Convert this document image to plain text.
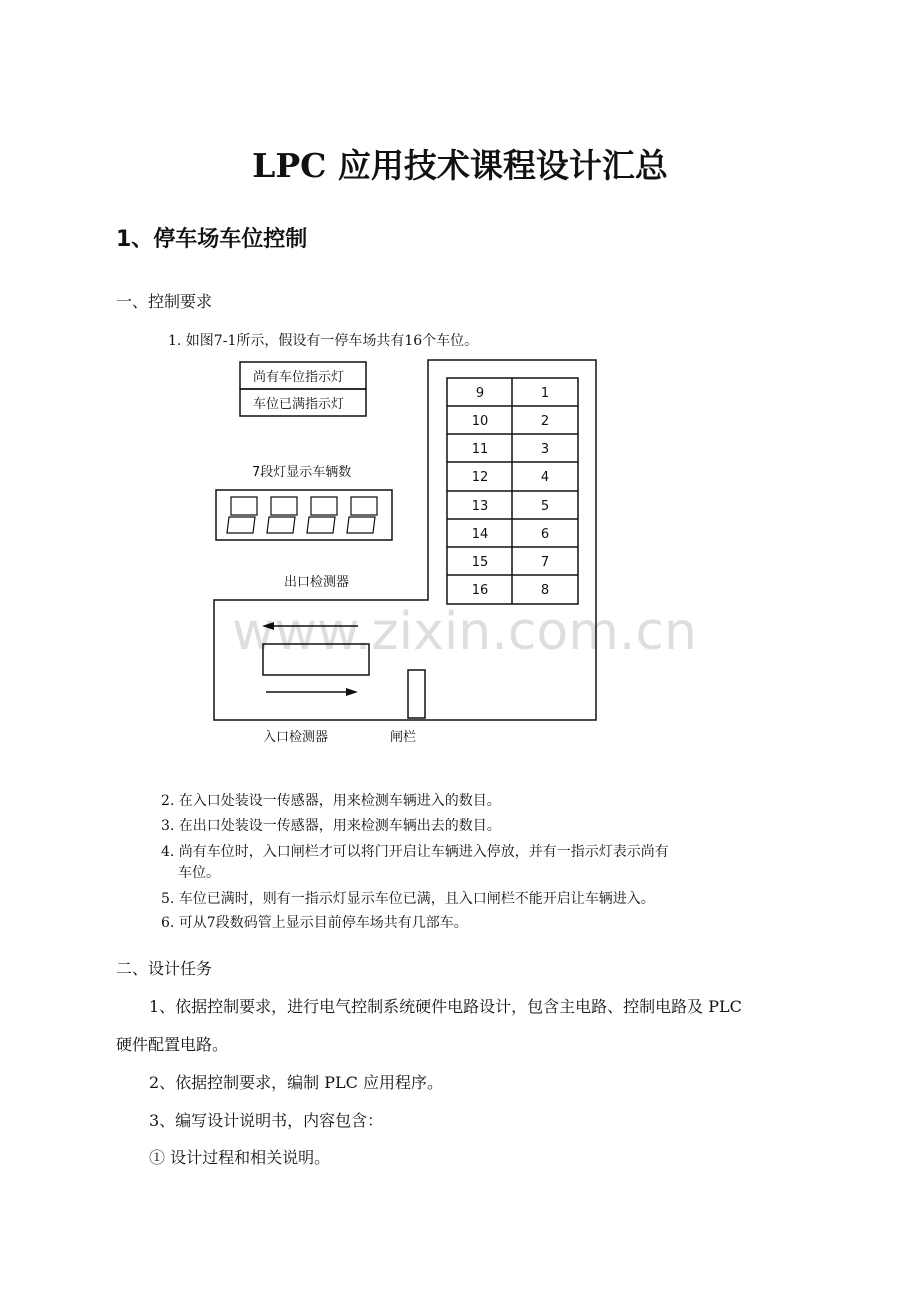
LPC 应用技术课程设计汇总
1、停车场车位控制
一、控制要求
1. 如图7-1所示，假设有一停车场共有16个车位。
尚有车位指示灯
车位已满指示灯
7段灯显示车辆数
出口检测器
入口检测器	闸栏
9
10
11
12
13
14
15
16
1
2
3
4
5
6
7
8
www.zixin.com.cn
2. 在入口处装设一传感器，用来检测车辆进入的数目。
3. 在出口处装设一传感器，用来检测车辆出去的数目。
4. 尚有车位时，入口闸栏才可以将门开启让车辆进入停放，并有一指示灯表示尚有
车位。
5. 车位已满时，则有一指示灯显示车位已满，且入口闸栏不能开启让车辆进入。
6. 可从7段数码管上显示目前停车场共有几部车。
二、设计任务
1、依据控制要求，进行电气控制系统硬件电路设计，包含主电路、控制电路及 PLC
硬件配置电路。
2、依据控制要求，编制 PLC 应用程序。
3、编写设计说明书，内容包含：
① 设计过程和相关说明。
